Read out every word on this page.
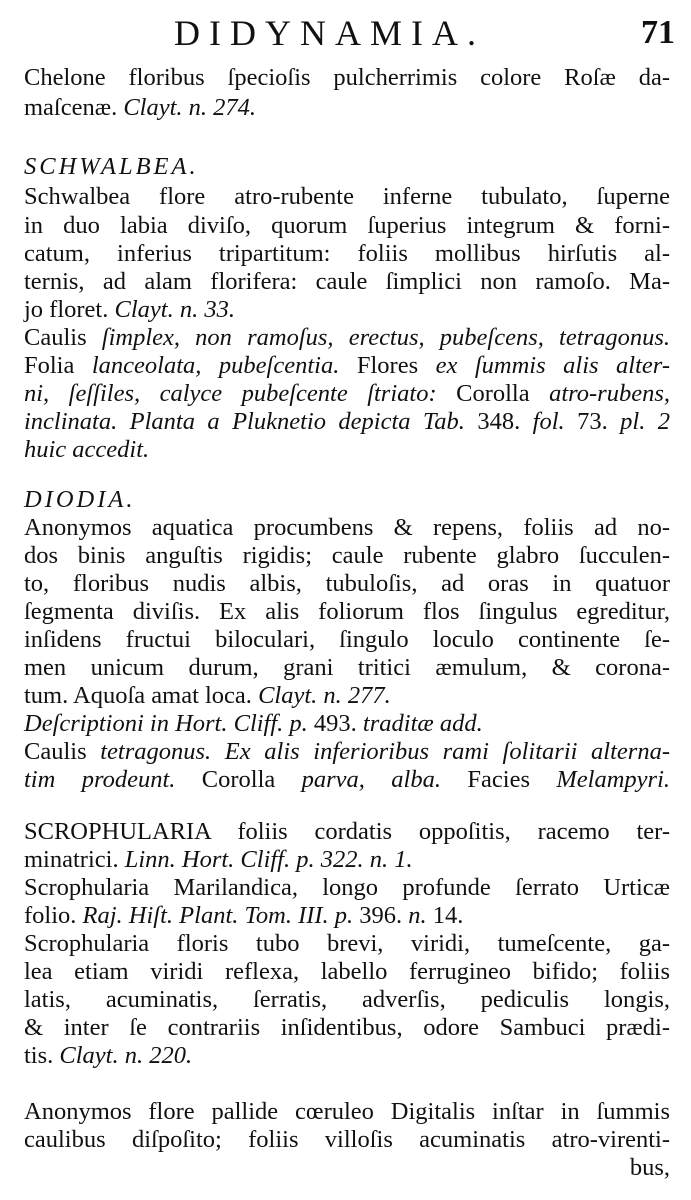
DIDYNAMIA.	71
Chelone floribus ſpecioſis pulcherrimis colore Roſæ da-
maſcenæ. Clayt. n. 274.
SCHWALBEA.
Schwalbea flore atro-rubente inferne tubulato, ſuperne
in duo labia diviſo, quorum ſuperius integrum & forni-
catum, inferius tripartitum: foliis mollibus hirſutis al-
ternis, ad alam florifera: caule ſimplici non ramoſo. Ma-
jo floret. Clayt. n. 33.
Caulis ſimplex, non ramoſus, erectus, pubeſcens, tetragonus.
Folia lanceolata, pubeſcentia. Flores ex ſummis alis alter-
ni, ſeſſiles, calyce pubeſcente ſtriato: Corolla atro-rubens,
inclinata. Planta a Pluknetio depicta Tab. 348. fol. 73. pl. 2
huic accedit.
DIODIA.
Anonymos aquatica procumbens & repens, foliis ad no-
dos binis anguſtis rigidis; caule rubente glabro ſucculen-
to, floribus nudis albis, tubuloſis, ad oras in quatuor
ſegmenta diviſis. Ex alis foliorum flos ſingulus egreditur,
inſidens fructui biloculari, ſingulo loculo continente ſe-
men unicum durum, grani tritici æmulum, & corona-
tum. Aquoſa amat loca. Clayt. n. 277.
Deſcriptioni in Hort. Cliff. p. 493. traditæ add.
Caulis tetragonus. Ex alis inferioribus rami ſolitarii alterna-
tim prodeunt. Corolla parva, alba. Facies Melampyri.
SCROPHULARIA foliis cordatis oppoſitis, racemo ter-
minatrici. Linn. Hort. Cliff. p. 322. n. 1.
Scrophularia Marilandica, longo profunde ſerrato Urticæ
folio. Raj. Hiſt. Plant. Tom. III. p. 396. n. 14.
Scrophularia floris tubo brevi, viridi, tumeſcente, ga-
lea etiam viridi reflexa, labello ferrugineo bifido; foliis
latis, acuminatis, ſerratis, adverſis, pediculis longis,
& inter ſe contrariis inſidentibus, odore Sambuci prædi-
tis. Clayt. n. 220.
Anonymos flore pallide cœruleo Digitalis inſtar in ſummis
caulibus diſpoſito; foliis villoſis acuminatis atro-virenti-
bus,
